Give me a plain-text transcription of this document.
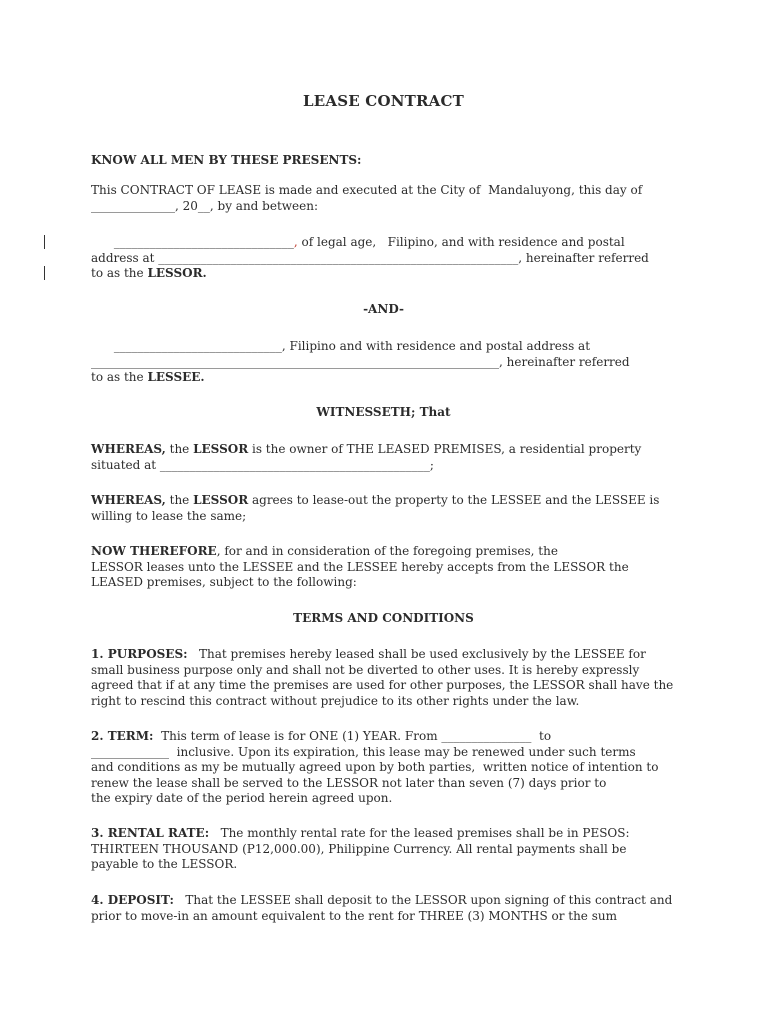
LEASE CONTRACT
KNOW ALL MEN BY THESE PRESENTS:
This CONTRACT OF LEASE is made and executed at the City of  Mandaluyong, this day of
______________, 20__, by and between:
______________________________, of legal age,   Filipino, and with residence and postal
address at ____________________________________________________________, hereinafter referred
to as the LESSOR.
-AND-
____________________________, Filipino and with residence and postal address at
____________________________________________________________________, hereinafter referred
to as the LESSEE.
WITNESSETH; That
WHEREAS, the LESSOR is the owner of THE LEASED PREMISES, a residential property
situated at _____________________________________________;
WHEREAS, the LESSOR agrees to lease-out the property to the LESSEE and the LESSEE is
willing to lease the same;
NOW THEREFORE, for and in consideration of the foregoing premises, the
LESSOR leases unto the LESSEE and the LESSEE hereby accepts from the LESSOR the
LEASED premises, subject to the following:
TERMS AND CONDITIONS
1. PURPOSES:   That premises hereby leased shall be used exclusively by the LESSEE for
small business purpose only and shall not be diverted to other uses. It is hereby expressly
agreed that if at any time the premises are used for other purposes, the LESSOR shall have the
right to rescind this contract without prejudice to its other rights under the law.
2. TERM:  This term of lease is for ONE (1) YEAR. From _______________  to
_____________  inclusive. Upon its expiration, this lease may be renewed under such terms
and conditions as my be mutually agreed upon by both parties,  written notice of intention to
renew the lease shall be served to the LESSOR not later than seven (7) days prior to
the expiry date of the period herein agreed upon.
3. RENTAL RATE:   The monthly rental rate for the leased premises shall be in PESOS:
THIRTEEN THOUSAND (P12,000.00), Philippine Currency. All rental payments shall be
payable to the LESSOR.
4. DEPOSIT:   That the LESSEE shall deposit to the LESSOR upon signing of this contract and
prior to move-in an amount equivalent to the rent for THREE (3) MONTHS or the sum
